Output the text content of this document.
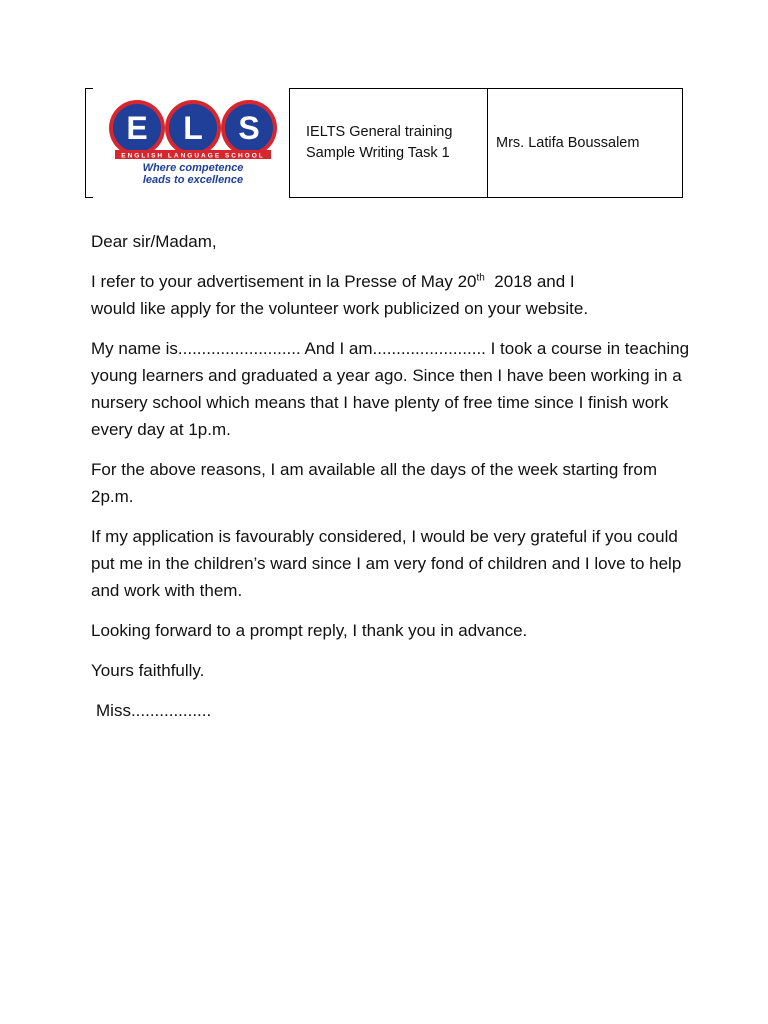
E L S
ENGLISH LANGUAGE SCHOOL
Where competence
leads to excellence
IELTS General training
Sample Writing Task 1
Mrs. Latifa Boussalem

Dear sir/Madam,

I refer to your advertisement in la Presse of May 20th  2018 and I
would like apply for the volunteer work publicized on your website.

My name is.......................... And I am........................ I took a course in teaching young learners and graduated a year ago. Since then I have been working in a nursery school which means that I have plenty of free time since I finish work every day at 1p.m.

For the above reasons, I am available all the days of the week starting from 2p.m.

If my application is favourably considered, I would be very grateful if you could put me in the children’s ward since I am very fond of children and I love to help and work with them.

Looking forward to a prompt reply, I thank you in advance.

Yours faithfully.

Miss.................
